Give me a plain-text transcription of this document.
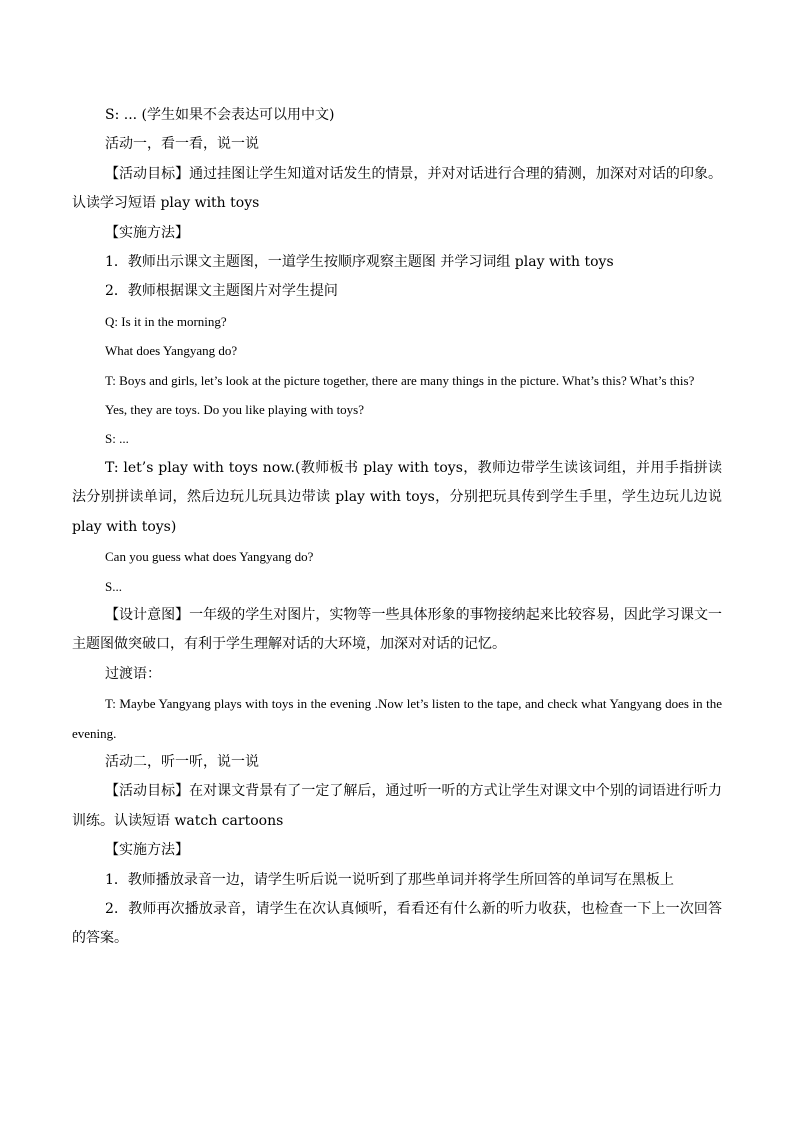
S: ... (学生如果不会表达可以用中文)
活动一，看一看，说一说
【活动目标】通过挂图让学生知道对话发生的情景，并对对话进行合理的猜测，加深对对话的印象。认读学习短语 play with toys
【实施方法】
1．教师出示课文主题图，一道学生按顺序观察主题图 并学习词组 play with toys
2．教师根据课文主题图片对学生提问
Q: Is it in the morning?
What does Yangyang do?
T: Boys and girls, let’s look at the picture together, there are many things in the picture. What’s this? What’s this?
Yes, they are toys. Do you like playing with toys?
S: ...
T: let’s play with toys now.(教师板书 play with toys，教师边带学生读该词组，并用手指拼读法分别拼读单词，然后边玩儿玩具边带读 play with toys，分别把玩具传到学生手里，学生边玩儿边说 play with toys)
Can you guess what does Yangyang do?
S...
【设计意图】一年级的学生对图片，实物等一些具体形象的事物接纳起来比较容易，因此学习课文一主题图做突破口，有利于学生理解对话的大环境，加深对对话的记忆。
过渡语：
T: Maybe Yangyang plays with toys in the evening .Now let’s listen to the tape, and check what Yangyang does in the evening.
活动二，听一听，说一说
【活动目标】在对课文背景有了一定了解后，通过听一听的方式让学生对课文中个别的词语进行听力训练。认读短语 watch cartoons
【实施方法】
1．教师播放录音一边，请学生听后说一说听到了那些单词并将学生所回答的单词写在黑板上
2．教师再次播放录音，请学生在次认真倾听，看看还有什么新的听力收获，也检查一下上一次回答的答案。
